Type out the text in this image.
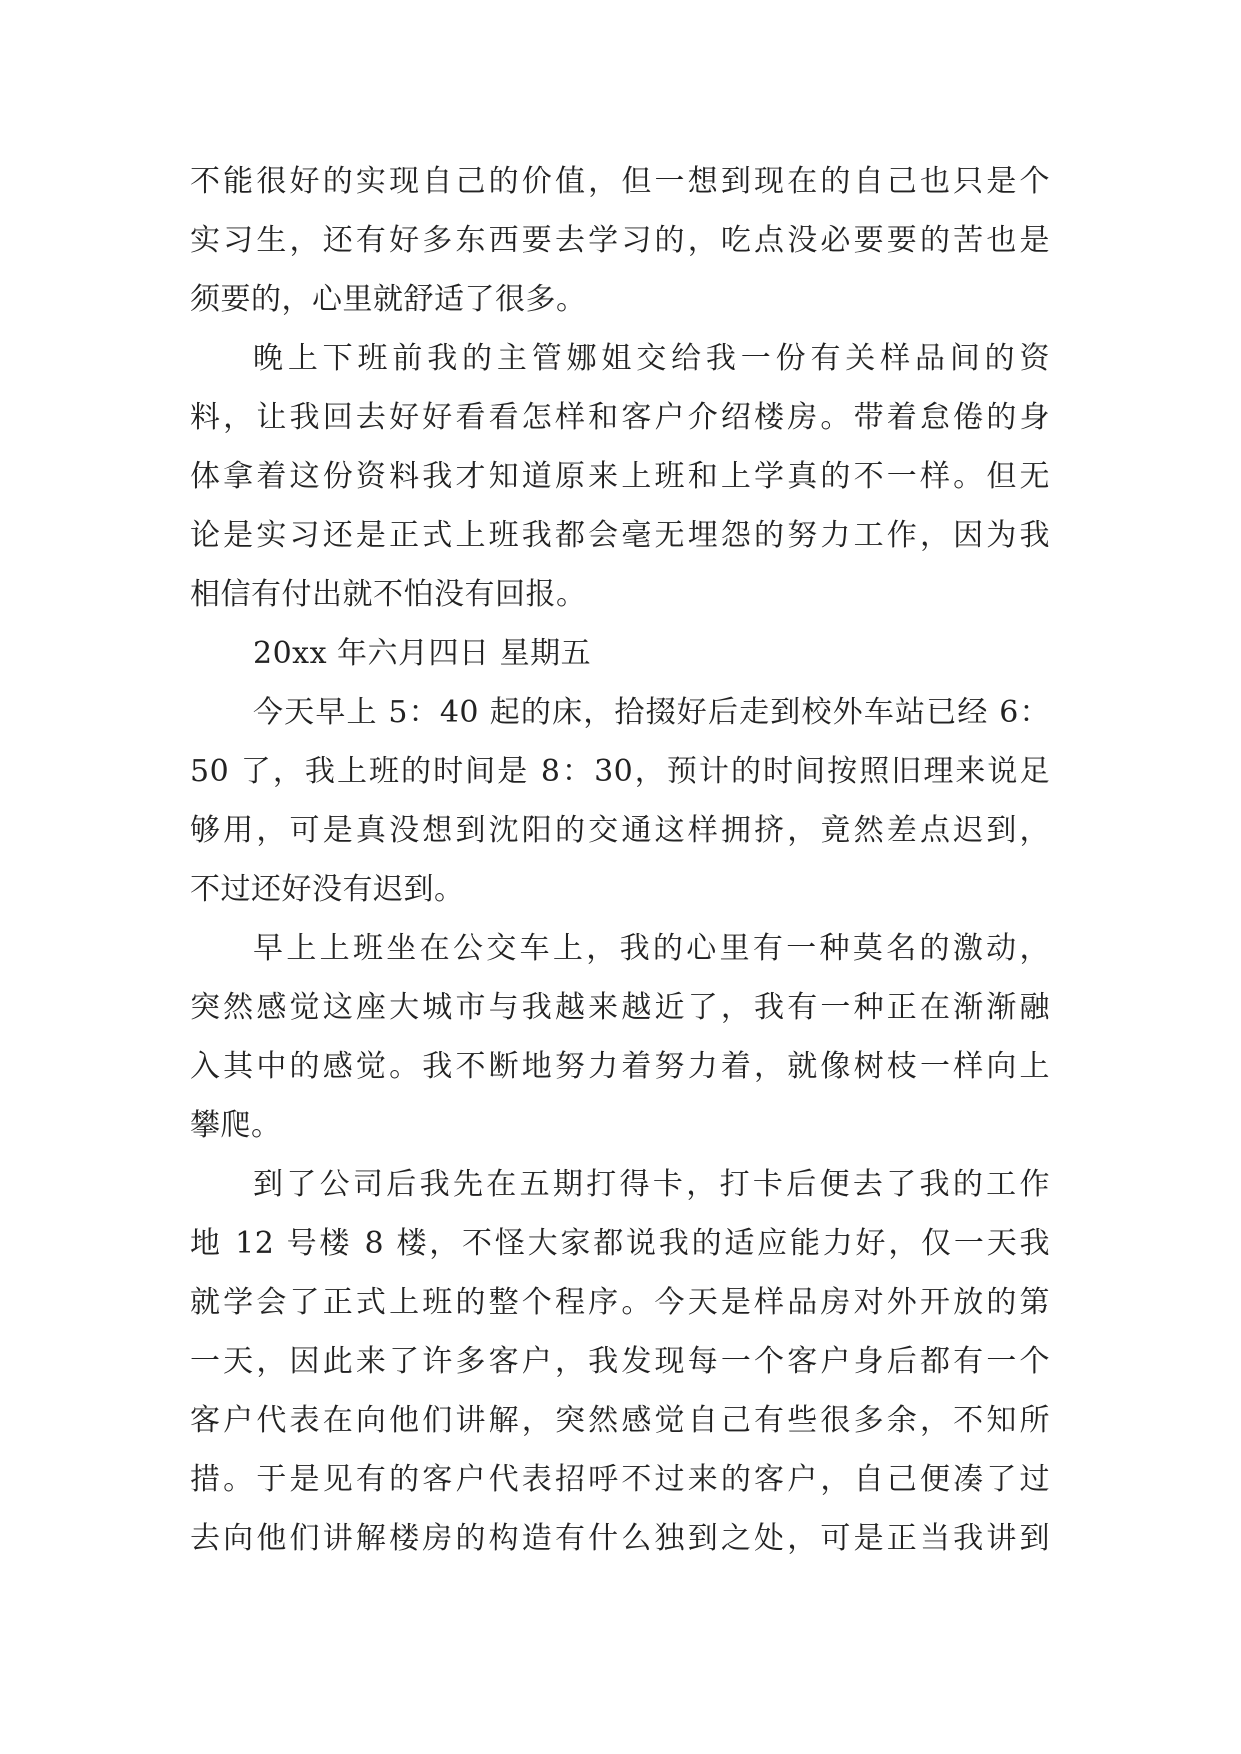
不能很好的实现自己的价值，但一想到现在的自己也只是个
实习生，还有好多东西要去学习的，吃点没必要要的苦也是
须要的，心里就舒适了很多。
晚上下班前我的主管娜姐交给我一份有关样品间的资
料，让我回去好好看看怎样和客户介绍楼房。带着怠倦的身
体拿着这份资料我才知道原来上班和上学真的不一样。但无
论是实习还是正式上班我都会毫无埋怨的努力工作，因为我
相信有付出就不怕没有回报。
20xx 年六月四日 星期五
今天早上 5：40 起的床，拾掇好后走到校外车站已经 6：
50 了，我上班的时间是 8：30，预计的时间按照旧理来说足
够用，可是真没想到沈阳的交通这样拥挤，竟然差点迟到，
不过还好没有迟到。
早上上班坐在公交车上，我的心里有一种莫名的激动，
突然感觉这座大城市与我越来越近了，我有一种正在渐渐融
入其中的感觉。我不断地努力着努力着，就像树枝一样向上
攀爬。
到了公司后我先在五期打得卡，打卡后便去了我的工作
地 12 号楼 8 楼，不怪大家都说我的适应能力好，仅一天我
就学会了正式上班的整个程序。今天是样品房对外开放的第
一天，因此来了许多客户，我发现每一个客户身后都有一个
客户代表在向他们讲解，突然感觉自己有些很多余，不知所
措。于是见有的客户代表招呼不过来的客户，自己便凑了过
去向他们讲解楼房的构造有什么独到之处，可是正当我讲到
